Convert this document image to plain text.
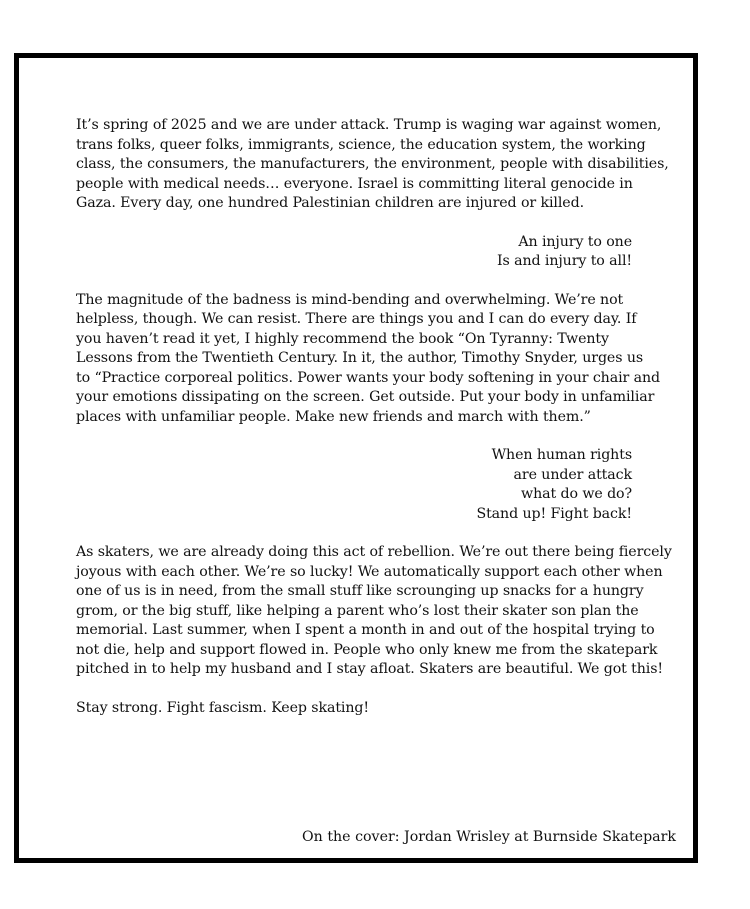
It’s spring of 2025 and we are under attack. Trump is waging war against women,
trans folks, queer folks, immigrants, science, the education system, the working
class, the consumers, the manufacturers, the environment, people with disabilities,
people with medical needs… everyone. Israel is committing literal genocide in
Gaza. Every day, one hundred Palestinian children are injured or killed.

An injury to one
Is and injury to all!

The magnitude of the badness is mind-bending and overwhelming. We’re not
helpless, though. We can resist. There are things you and I can do every day. If
you haven’t read it yet, I highly recommend the book “On Tyranny: Twenty
Lessons from the Twentieth Century. In it, the author, Timothy Snyder, urges us
to “Practice corporeal politics. Power wants your body softening in your chair and
your emotions dissipating on the screen. Get outside. Put your body in unfamiliar
places with unfamiliar people. Make new friends and march with them.”

When human rights
are under attack
what do we do?
Stand up! Fight back!

As skaters, we are already doing this act of rebellion. We’re out there being fiercely
joyous with each other. We’re so lucky! We automatically support each other when
one of us is in need, from the small stuff like scrounging up snacks for a hungry
grom, or the big stuff, like helping a parent who’s lost their skater son plan the
memorial. Last summer, when I spent a month in and out of the hospital trying to
not die, help and support flowed in. People who only knew me from the skatepark
pitched in to help my husband and I stay afloat. Skaters are beautiful. We got this!

Stay strong. Fight fascism. Keep skating!

On the cover: Jordan Wrisley at Burnside Skatepark
